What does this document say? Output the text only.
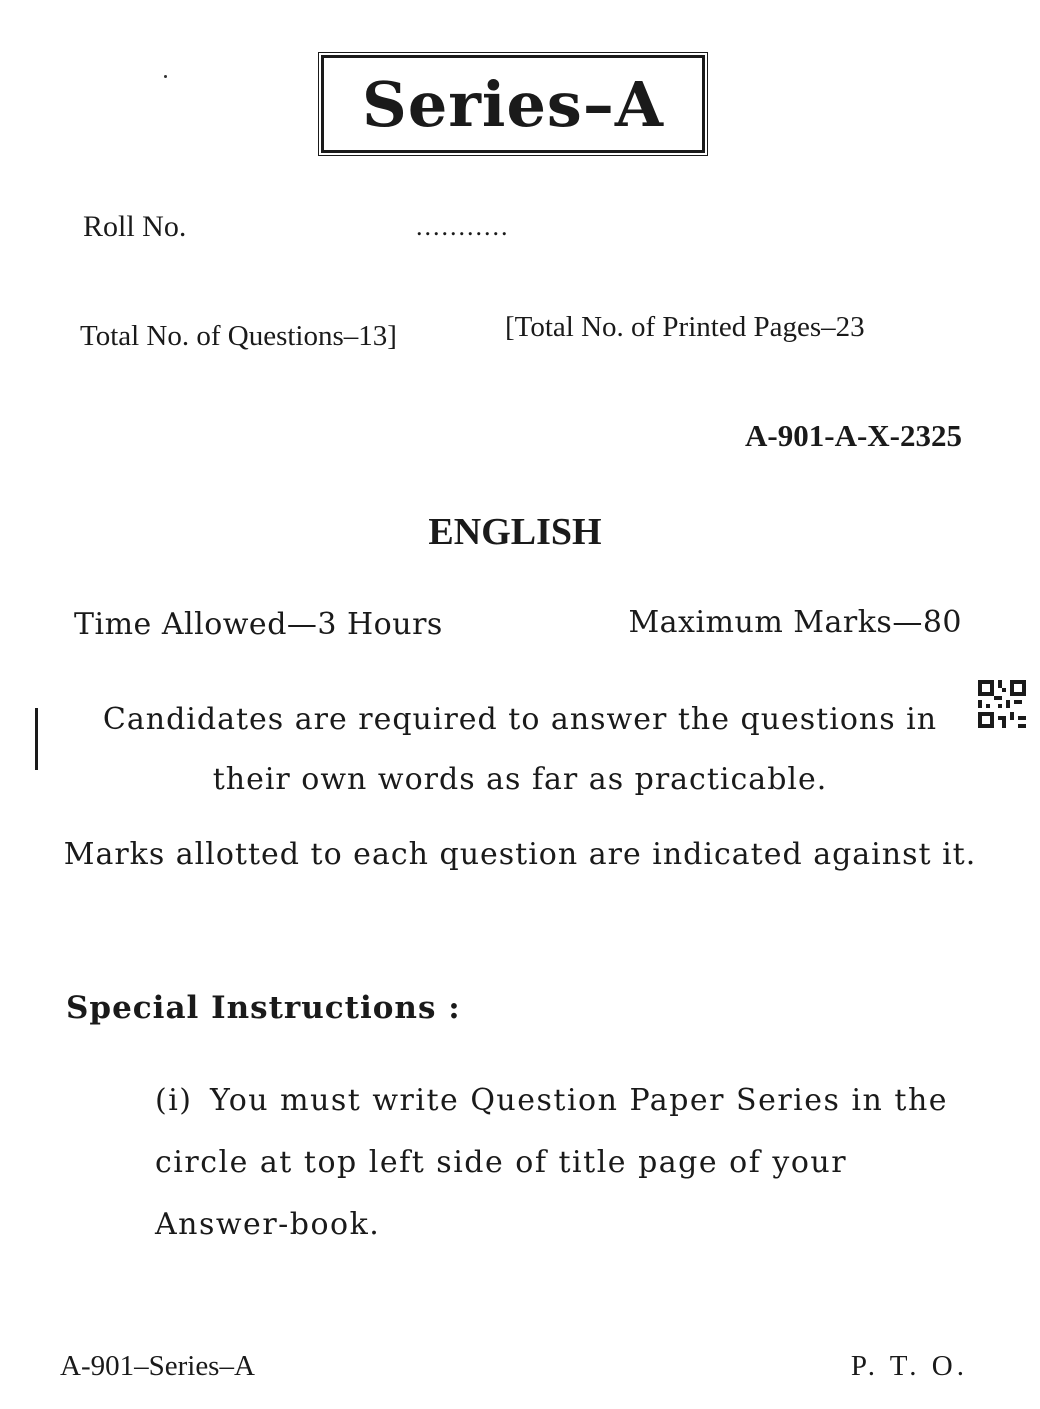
Series–A
Roll No.	...........
Total No. of Questions–13]	[Total No. of Printed Pages–23
A-901-A-X-2325
ENGLISH
Time Allowed—3 Hours	Maximum Marks—80
Candidates are required to answer the questions in their own words as far as practicable.
Marks allotted to each question are indicated against it.
Special Instructions :
(i) You must write Question Paper Series in the circle at top left side of title page of your Answer-book.
A-901–Series–A	P. T. O.
